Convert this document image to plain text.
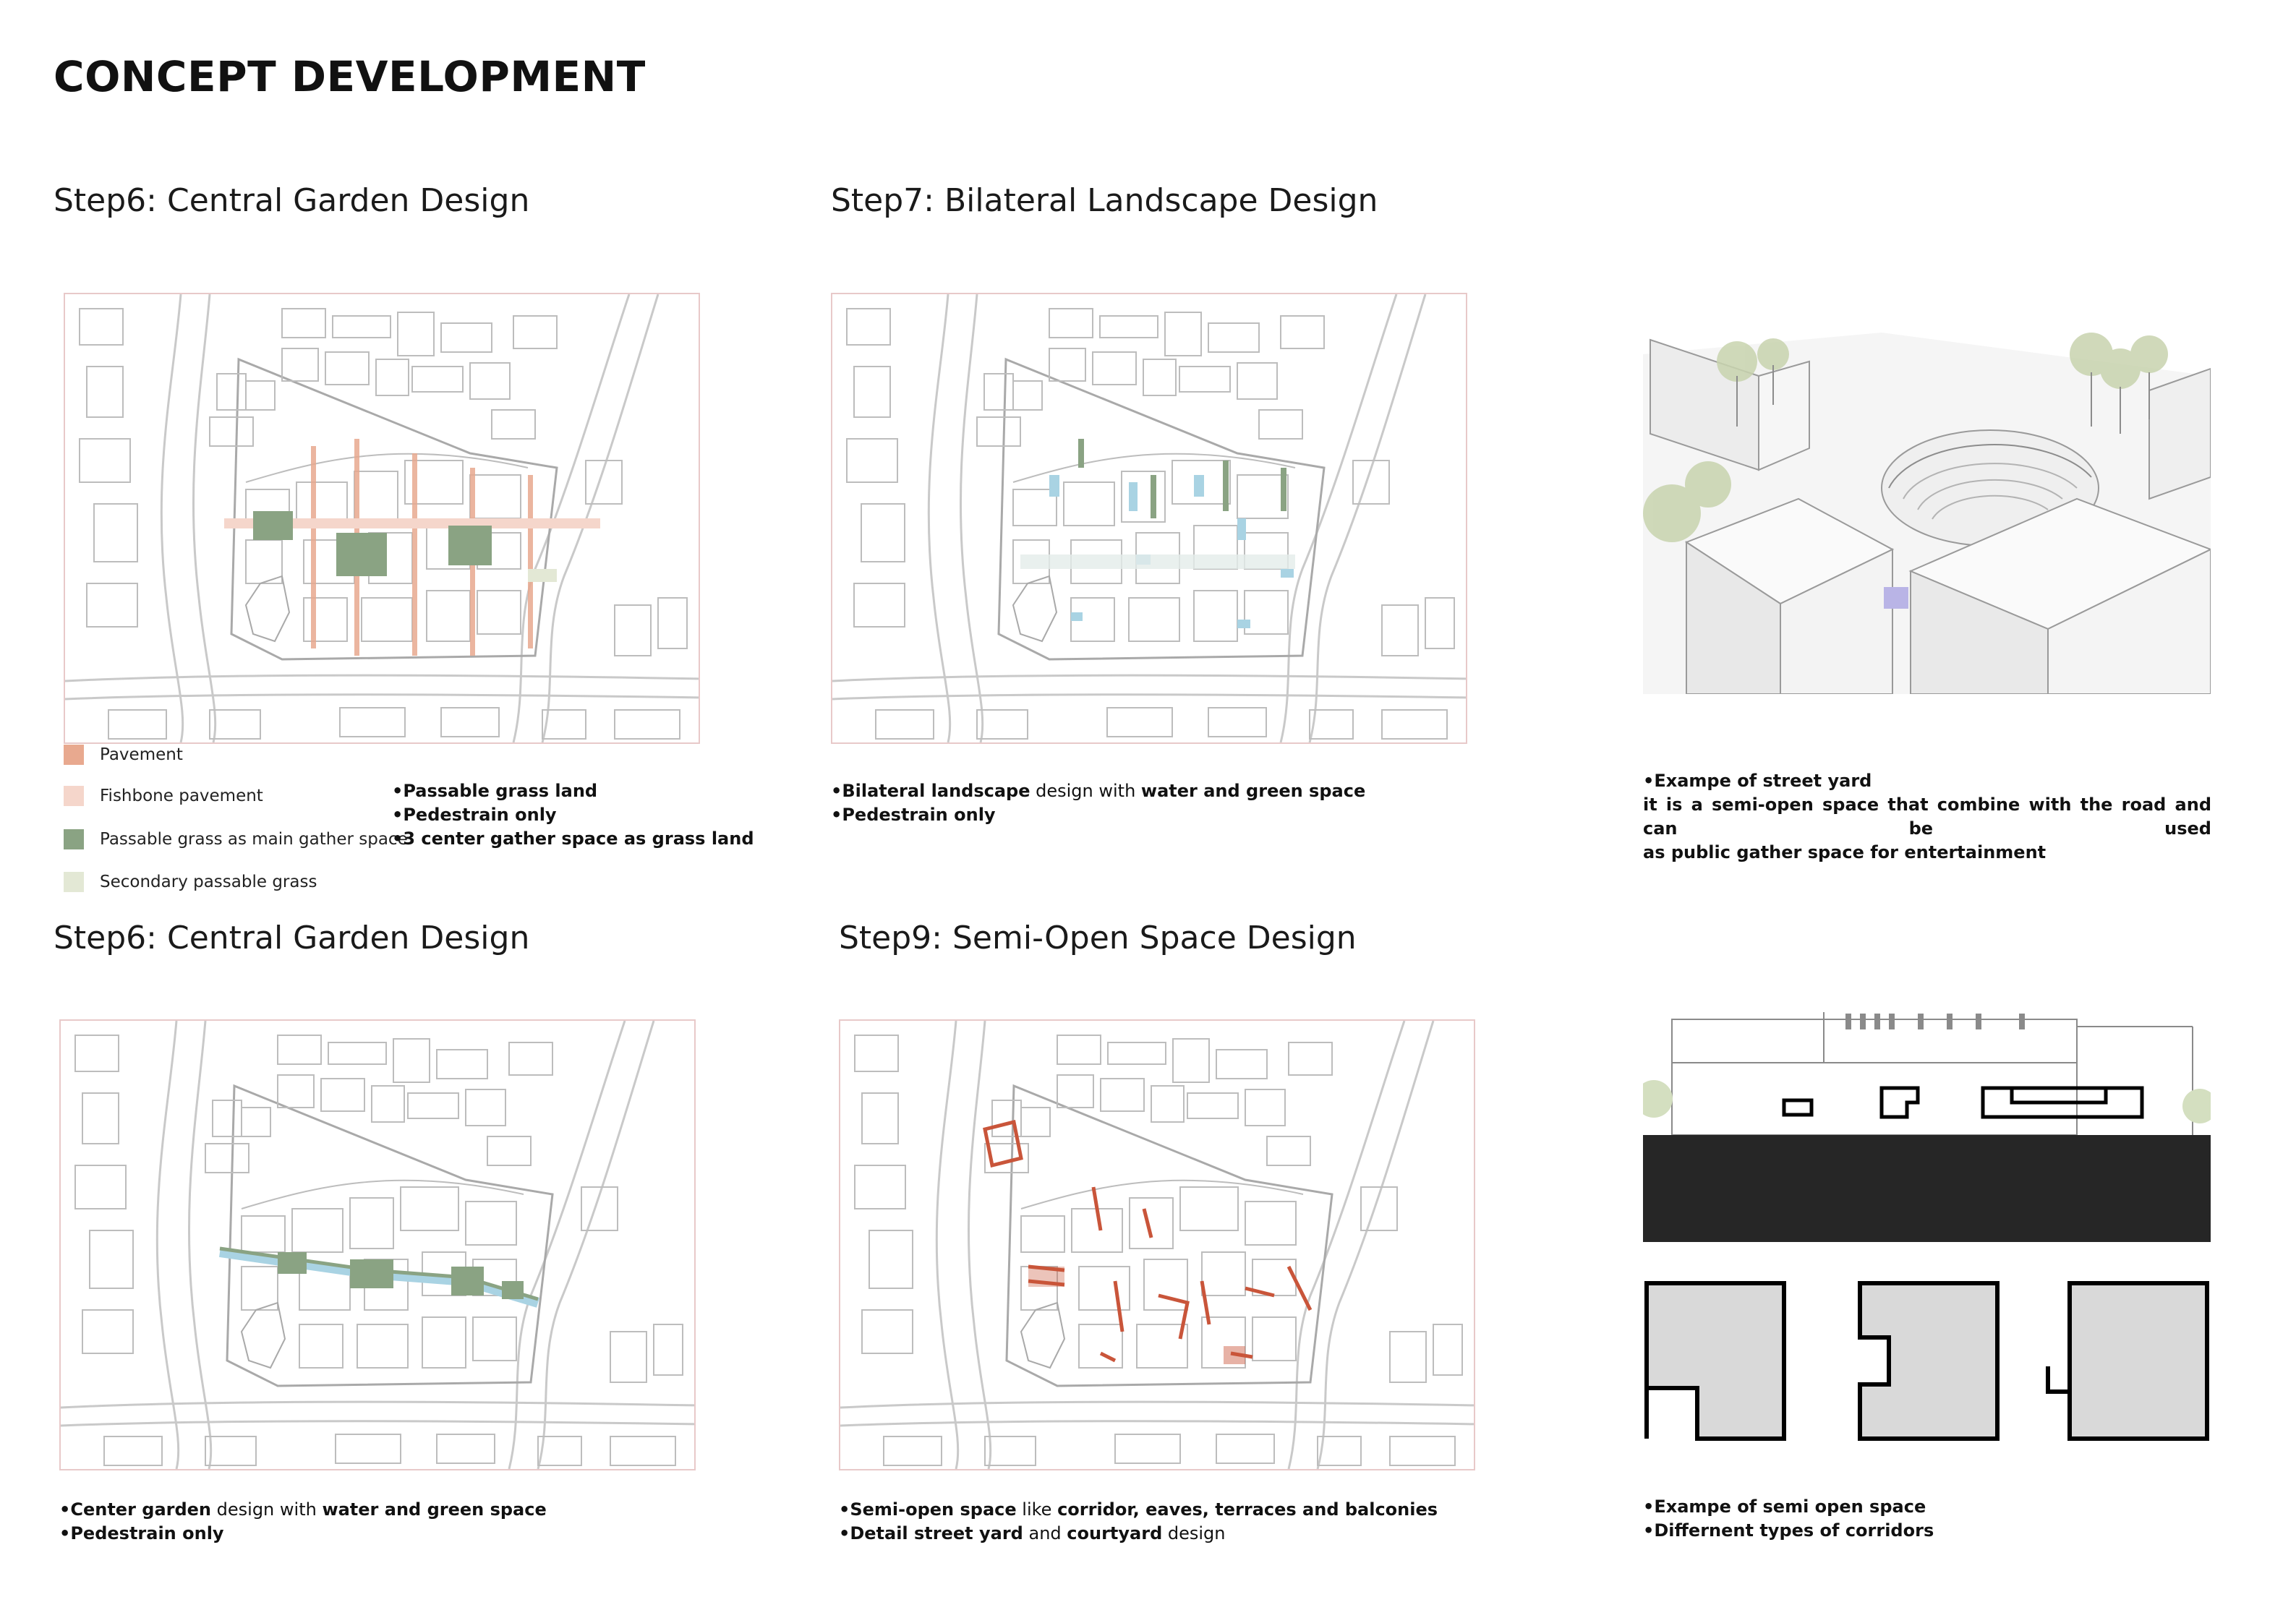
CONCEPT DEVELOPMENT
Step6: Central Garden Design	Step7: Bilateral Landscape Design
Step6: Central Garden Design	Step9: Semi-Open Space Design
Pavement
Fishbone pavement
Passable grass as main gather space
Secondary passable grass
•Passable grass land
•Pedestrain only
•3 center gather space as grass land
•Bilateral landscape design with water and green space
•Pedestrain only
•Exampe of street yard
it is a semi-open space that combine with the road and can be used
as public gather space for entertainment
•Center garden design with water and green space
•Pedestrain only
•Semi-open space like corridor, eaves, terraces and balconies
•Detail street yard and courtyard design
•Exampe of semi open space
•Differnent types of corridors
